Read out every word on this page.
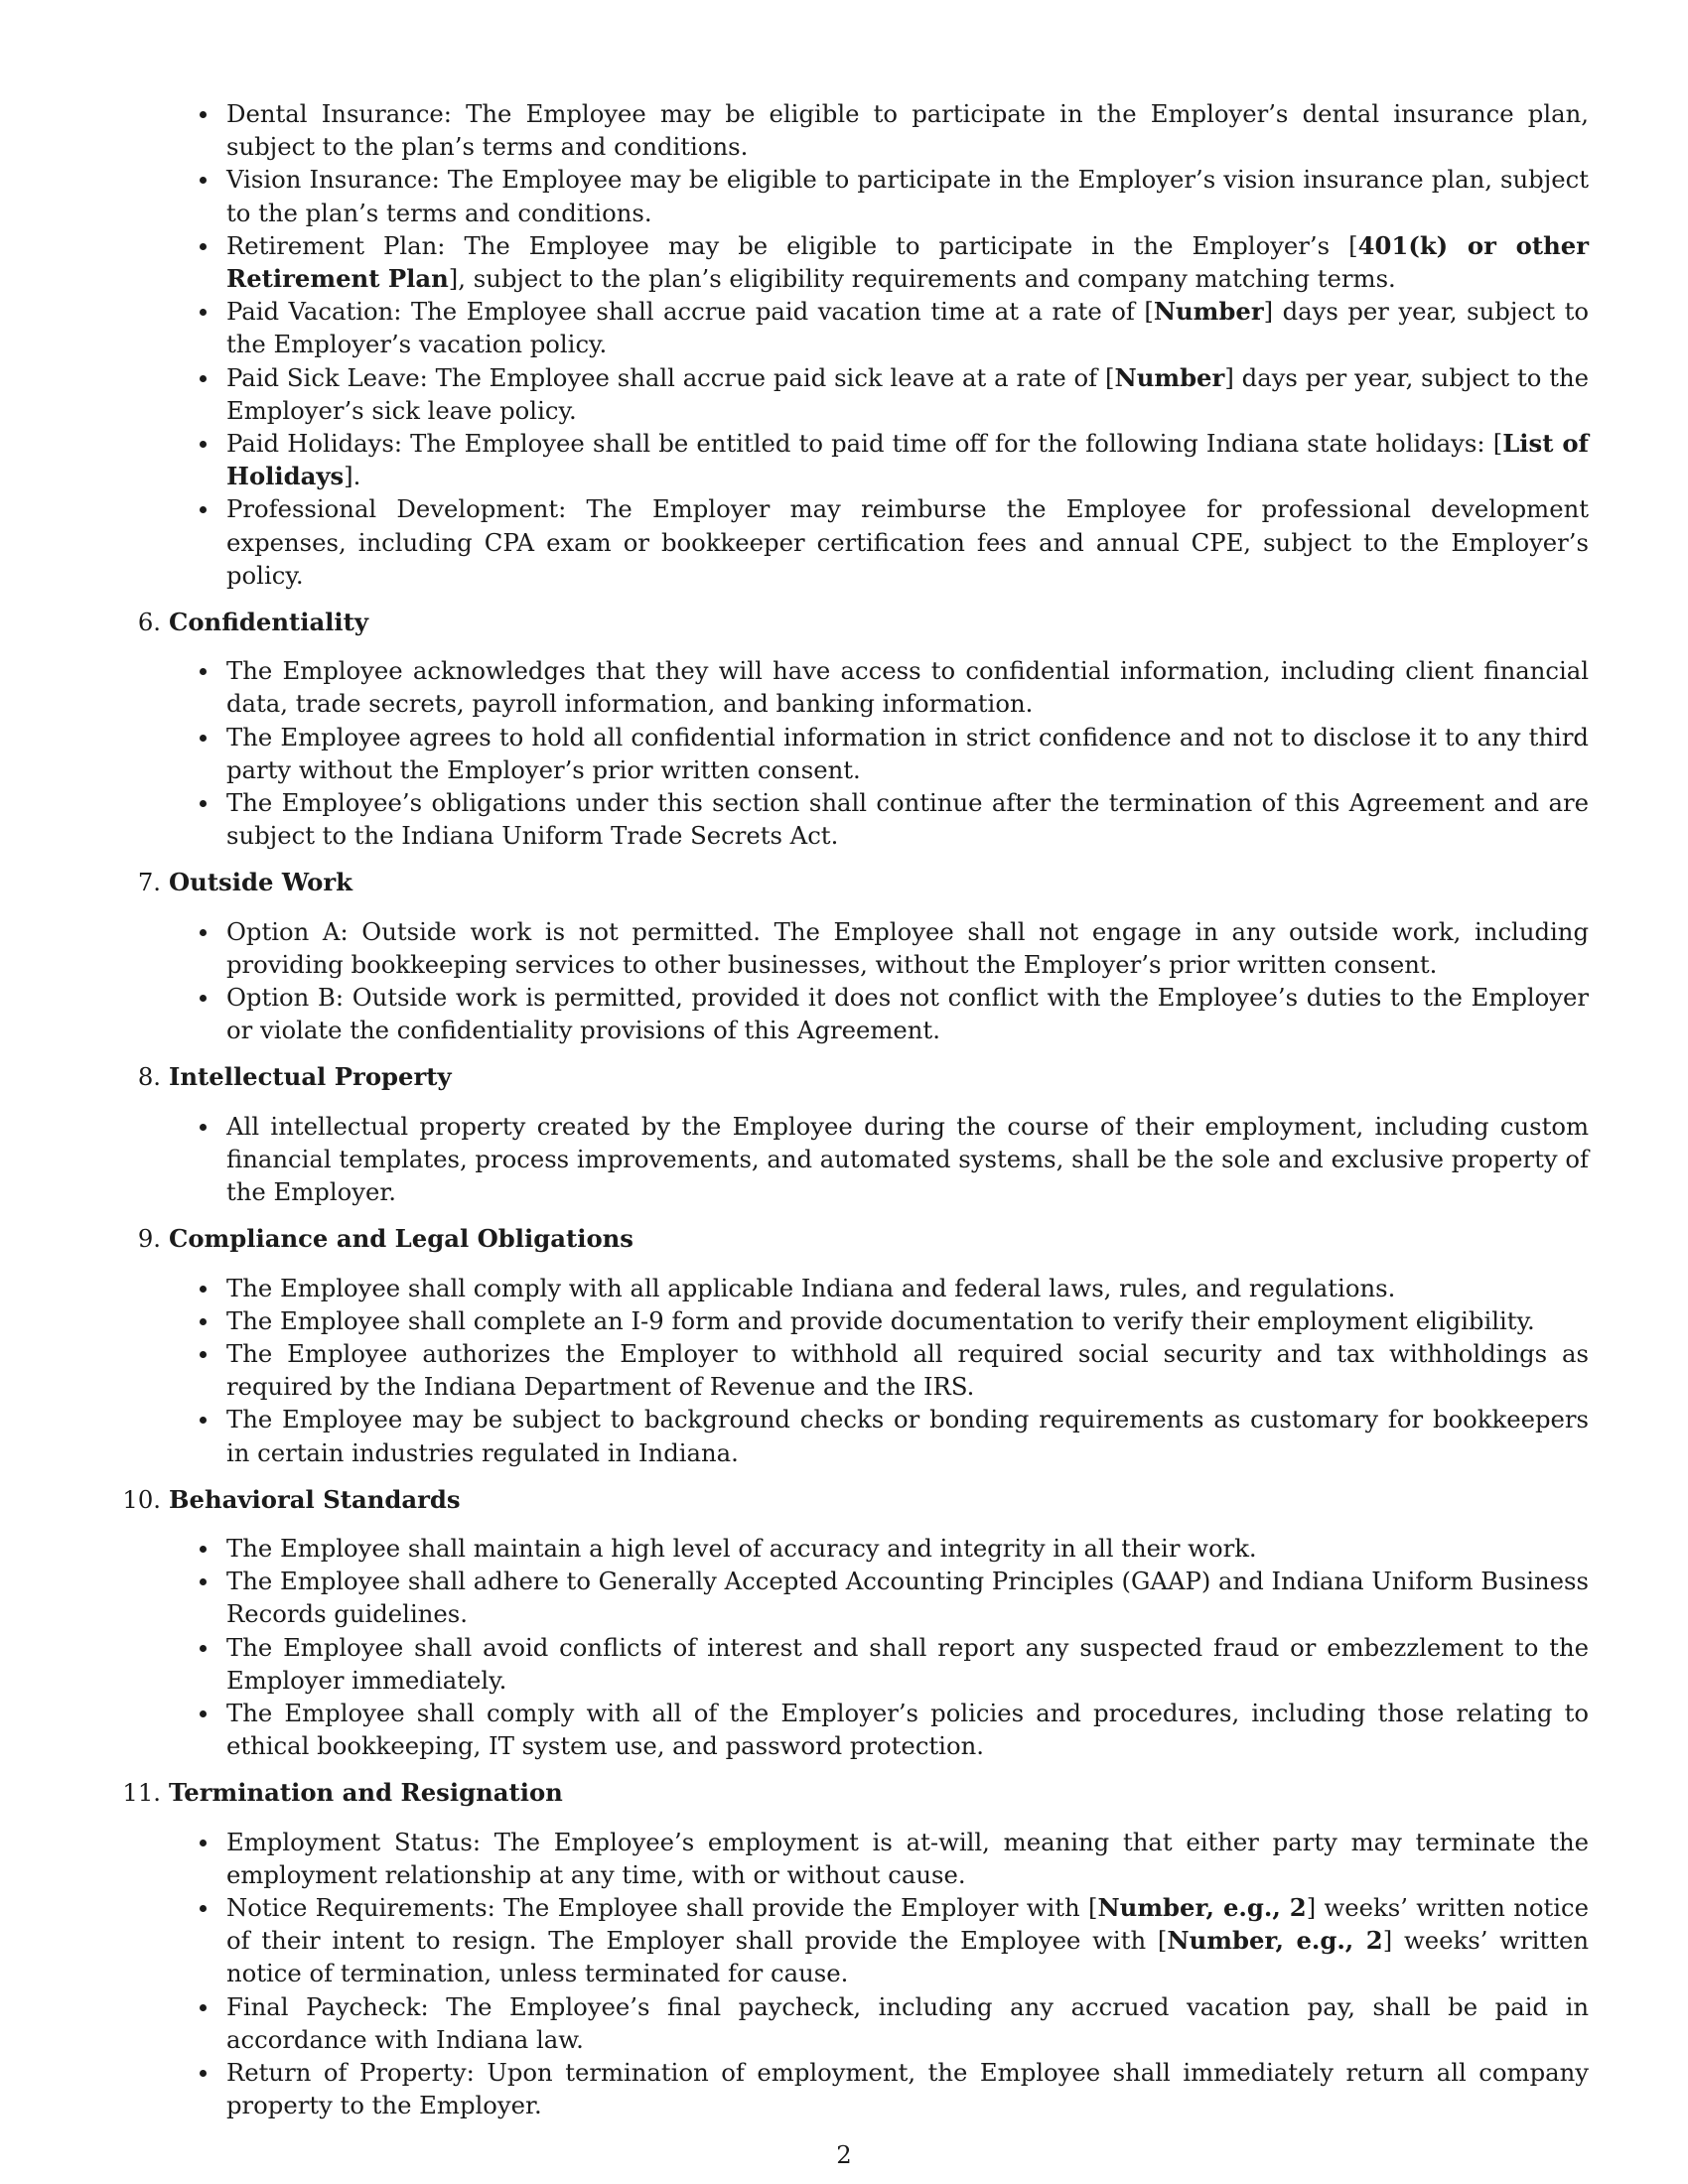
Dental Insurance: The Employee may be eligible to participate in the Employer’s dental insurance plan, subject to the plan’s terms and conditions.
Vision Insurance: The Employee may be eligible to participate in the Employer’s vision insurance plan, subject to the plan’s terms and conditions.
Retirement Plan: The Employee may be eligible to participate in the Employer’s [401(k) or other Retirement Plan], subject to the plan’s eligibility requirements and company matching terms.
Paid Vacation: The Employee shall accrue paid vacation time at a rate of [Number] days per year, subject to the Employer’s vacation policy.
Paid Sick Leave: The Employee shall accrue paid sick leave at a rate of [Number] days per year, subject to the Employer’s sick leave policy.
Paid Holidays: The Employee shall be entitled to paid time off for the following Indiana state holidays: [List of Holidays].
Professional Development: The Employer may reimburse the Employee for professional development expenses, including CPA exam or bookkeeper certification fees and annual CPE, subject to the Employer’s policy.
6. Confidentiality
The Employee acknowledges that they will have access to confidential information, including client financial data, trade secrets, payroll information, and banking information.
The Employee agrees to hold all confidential information in strict confidence and not to disclose it to any third party without the Employer’s prior written consent.
The Employee’s obligations under this section shall continue after the termination of this Agreement and are subject to the Indiana Uniform Trade Secrets Act.
7. Outside Work
Option A: Outside work is not permitted. The Employee shall not engage in any outside work, including providing bookkeeping services to other businesses, without the Employer’s prior written consent.
Option B: Outside work is permitted, provided it does not conflict with the Employee’s duties to the Employer or violate the confidentiality provisions of this Agreement.
8. Intellectual Property
All intellectual property created by the Employee during the course of their employment, including custom financial templates, process improvements, and automated systems, shall be the sole and exclusive property of the Employer.
9. Compliance and Legal Obligations
The Employee shall comply with all applicable Indiana and federal laws, rules, and regulations.
The Employee shall complete an I-9 form and provide documentation to verify their employment eligibility.
The Employee authorizes the Employer to withhold all required social security and tax withholdings as required by the Indiana Department of Revenue and the IRS.
The Employee may be subject to background checks or bonding requirements as customary for bookkeepers in certain industries regulated in Indiana.
10. Behavioral Standards
The Employee shall maintain a high level of accuracy and integrity in all their work.
The Employee shall adhere to Generally Accepted Accounting Principles (GAAP) and Indiana Uniform Business Records guidelines.
The Employee shall avoid conflicts of interest and shall report any suspected fraud or embezzlement to the Employer immediately.
The Employee shall comply with all of the Employer’s policies and procedures, including those relating to ethical bookkeeping, IT system use, and password protection.
11. Termination and Resignation
Employment Status: The Employee’s employment is at-will, meaning that either party may terminate the employment relationship at any time, with or without cause.
Notice Requirements: The Employee shall provide the Employer with [Number, e.g., 2] weeks’ written notice of their intent to resign. The Employer shall provide the Employee with [Number, e.g., 2] weeks’ written notice of termination, unless terminated for cause.
Final Paycheck: The Employee’s final paycheck, including any accrued vacation pay, shall be paid in accordance with Indiana law.
Return of Property: Upon termination of employment, the Employee shall immediately return all company property to the Employer.
2
